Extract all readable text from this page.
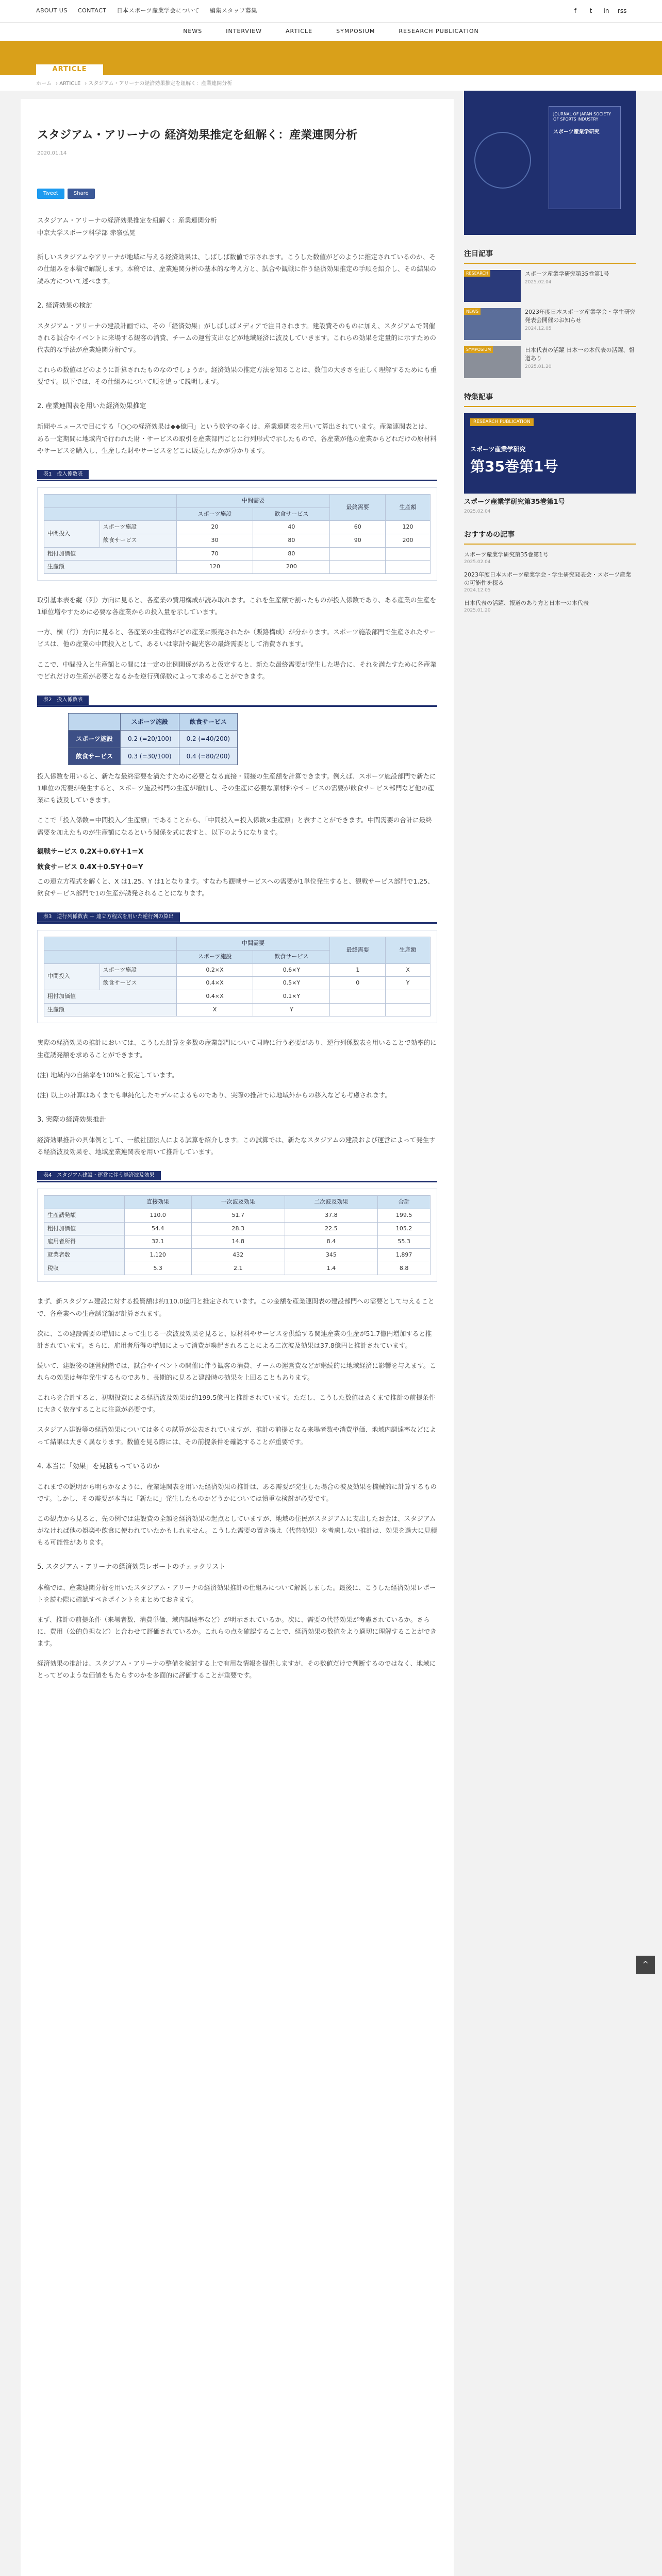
ABOUT US CONTACT 日本スポーツ産業学会について 編集スタッフ募集	f	t	in rss
NEWS	INTERVIEW	ARTICLE	SYMPOSIUM	RESEARCH PUBLICATION
ARTICLE
ホーム › ARTICLE › スタジアム・アリーナの経済効果推定を紐解く：産業連関分析
スタジアム・アリーナの 経済効果推定を紐解く：産業連関分析
2020.01.14
Tweet	Share
スタジアム・アリーナの経済効果推定を紐解く：産業連関分析
中京大学スポーツ科学部 赤嶺弘晃

新しいスタジアムやアリーナが地域に与える経済効果は、しばしば数値で示されます。こうした数値がどのように推定されているのか、その仕組みを本稿で解説します。本稿では、産業連関分析の基本的な考え方と、試合や観戦に伴う経済効果推定の手順を紹介し、その結果の読み方について述べます。

2. 経済効果の検討

スタジアム・アリーナの建設計画では、その「経済効果」がしばしばメディアで注目されます。建設費そのものに加え、スタジアムで開催される試合やイベントに来場する観客の消費、チームの運営支出などが地域経済に波及していきます。これらの効果を定量的に示すための代表的な手法が産業連関分析です。

これらの数値はどのように計算されたものなのでしょうか。経済効果の推定方法を知ることは、数値の大きさを正しく理解するためにも重要です。以下では、その仕組みについて順を追って説明します。

2. 産業連関表を用いた経済効果推定

新聞やニュースで目にする「○○の経済効果は◆◆億円」という数字の多くは、産業連関表を用いて算出されています。産業連関表とは、ある一定期間に地域内で行われた財・サービスの取引を産業部門ごとに行列形式で示したもので、各産業が他の産業からどれだけの原材料やサービスを購入し、生産した財やサービスをどこに販売したかが分かります。

表1　投入係数表
		中間需要		最終需要	生産額
		スポーツ施設	飲食サービス		
中間投入	スポーツ施設	20	40	60	120
	飲食サービス	30	80	90	200
粗付加価値		70	80		
生産額		120	200		

取引基本表を縦（列）方向に見ると、各産業の費用構成が読み取れます。これを生産額で割ったものが投入係数であり、ある産業の生産を1単位増やすために必要な各産業からの投入量を示しています。

一方、横（行）方向に見ると、各産業の生産物がどの産業に販売されたか（販路構成）が分かります。スポーツ施設部門で生産されたサービスは、他の産業の中間投入として、あるいは家計や観光客の最終需要として消費されます。

ここで、中間投入と生産額との間には一定の比例関係があると仮定すると、新たな最終需要が発生した場合に、それを満たすために各産業でどれだけの生産が必要となるかを逆行列係数によって求めることができます。

表2　投入係数表
	スポーツ施設	飲食サービス
スポーツ施設	0.2 (=20/100)	0.2 (=40/200)
飲食サービス	0.3 (=30/100)	0.4 (=80/200)

投入係数を用いると、新たな最終需要を満たすために必要となる直接・間接の生産額を計算できます。例えば、スポーツ施設部門で新たに1単位の需要が発生すると、スポーツ施設部門の生産が増加し、その生産に必要な原材料やサービスの需要が飲食サービス部門など他の産業にも波及していきます。

ここで「投入係数＝中間投入／生産額」であることから、「中間投入＝投入係数×生産額」と表すことができます。中間需要の合計に最終需要を加えたものが生産額になるという関係を式に表すと、以下のようになります。

観戦サービス 0.2X＋0.6Y＋1＝X
飲食サービス 0.4X＋0.5Y＋0＝Y

この連立方程式を解くと、X は1.25、Y は1となります。すなわち観戦サービスへの需要が1単位発生すると、観戦サービス部門で1.25、飲食サービス部門で1の生産が誘発されることになります。

表3　逆行列係数表 ＋ 連立方程式を用いた逆行列の算出
		中間需要		最終需要	生産額
		スポーツ施設	飲食サービス		
中間投入	スポーツ施設	0.2×X	0.6×Y	1	X
	飲食サービス	0.4×X	0.5×Y	0	Y
粗付加価値		0.4×X	0.1×Y		
生産額		X	Y		

実際の経済効果の推計においては、こうした計算を多数の産業部門について同時に行う必要があり、逆行列係数表を用いることで効率的に生産誘発額を求めることができます。

(注) 地域内の自給率を100%と仮定しています。

(注) 以上の計算はあくまでも単純化したモデルによるものであり、実際の推計では地域外からの移入なども考慮されます。

3. 実際の経済効果推計

経済効果推計の具体例として、一般社団法人による試算を紹介します。この試算では、新たなスタジアムの建設および運営によって発生する経済波及効果を、地域産業連関表を用いて推計しています。

表4　スタジアム建設・運営に伴う経済波及効果
	直接効果	一次波及効果	二次波及効果	合計
生産誘発額	110.0	51.7	37.8	199.5
粗付加価値	54.4	28.3	22.5	105.2
雇用者所得	32.1	14.8	8.4	55.3
就業者数	1,120	432	345	1,897
税収	5.3	2.1	1.4	8.8

まず、新スタジアム建設に対する投資額は約110.0億円と推定されています。この金額を産業連関表の建設部門への需要として与えることで、各産業への生産誘発額が計算されます。

次に、この建設需要の増加によって生じる一次波及効果を見ると、原材料やサービスを供給する関連産業の生産が51.7億円増加すると推計されています。さらに、雇用者所得の増加によって消費が喚起されることによる二次波及効果は37.8億円と推計されています。

続いて、建設後の運営段階では、試合やイベントの開催に伴う観客の消費、チームの運営費などが継続的に地域経済に影響を与えます。これらの効果は毎年発生するものであり、長期的に見ると建設時の効果を上回ることもあります。

これらを合計すると、初期投資による経済波及効果は約199.5億円と推計されています。ただし、こうした数値はあくまで推計の前提条件に大きく依存することに注意が必要です。

スタジアム建設等の経済効果については多くの試算が公表されていますが、推計の前提となる来場者数や消費単価、地域内調達率などによって結果は大きく異なります。数値を見る際には、その前提条件を確認することが重要です。

4. 本当に「効果」を見積もっているのか

これまでの説明から明らかなように、産業連関表を用いた経済効果の推計は、ある需要が発生した場合の波及効果を機械的に計算するものです。しかし、その需要が本当に「新たに」発生したものかどうかについては慎重な検討が必要です。

この観点から見ると、先の例では建設費の全額を経済効果の起点としていますが、地域の住民がスタジアムに支出したお金は、スタジアムがなければ他の娯楽や飲食に使われていたかもしれません。こうした需要の置き換え（代替効果）を考慮しない推計は、効果を過大に見積もる可能性があります。

5. スタジアム・アリーナの経済効果レポートのチェックリスト

本稿では、産業連関分析を用いたスタジアム・アリーナの経済効果推計の仕組みについて解説しました。最後に、こうした経済効果レポートを読む際に確認すべきポイントをまとめておきます。

まず、推計の前提条件（来場者数、消費単価、域内調達率など）が明示されているか。次に、需要の代替効果が考慮されているか。さらに、費用（公的負担など）と合わせて評価されているか。これらの点を確認することで、経済効果の数値をより適切に理解することができます。

経済効果の推計は、スタジアム・アリーナの整備を検討する上で有用な情報を提供しますが、その数値だけで判断するのではなく、地域にとってどのような価値をもたらすのかを多面的に評価することが重要です。

JOURNAL OF JAPAN SOCIETY OF SPORTS INDUSTRY
スポーツ産業学研究
注目記事
RESEARCH	スポーツ産業学研究第35巻第1号
2025.02.04
NEWS	2023年度日本スポーツ産業学会・学生研究発表会開催のお知らせ
2024.12.05
SYMPOSIUM	日本代表の活躍 日本一の本代表の活躍、報道あり
2025.01.20
特集記事
RESEARCH PUBLICATION
スポーツ産業学研究
第35巻第1号
スポーツ産業学研究第35巻第1号
2025.02.04
おすすめの記事
スポーツ産業学研究第35巻第1号
2025.02.04
2023年度日本スポーツ産業学会・学生研究発表会・スポーツ産業の可能性を探る
2024.12.05
日本代表の活躍、報道のあり方と日本一の本代表
2025.01.20
^
